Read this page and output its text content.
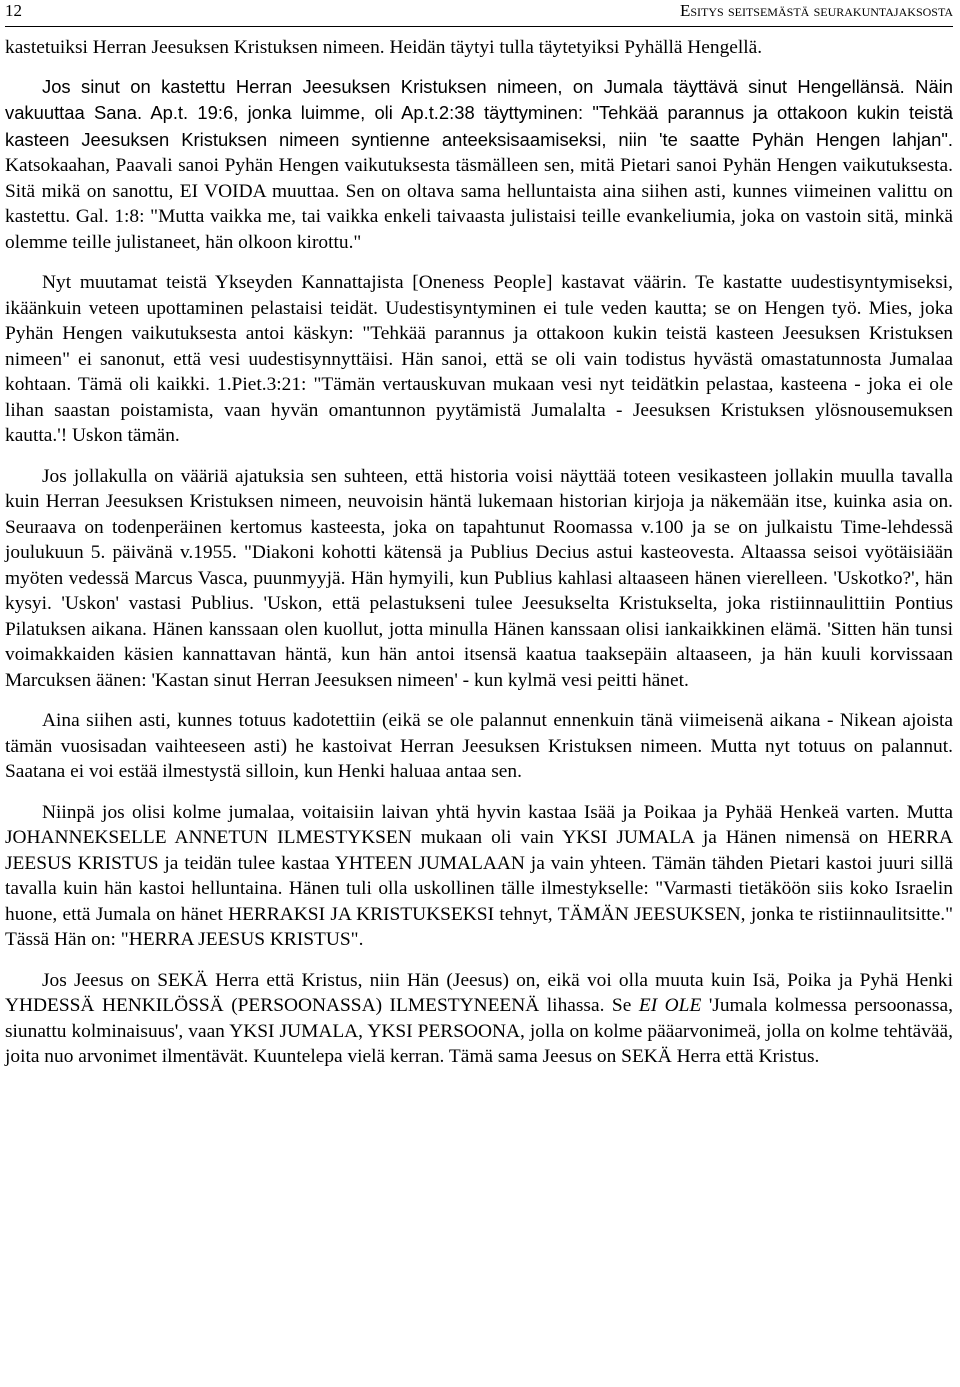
12	Esitys seitsemästä seurakuntajaksosta

kastetuiksi Herran Jeesuksen Kristuksen nimeen. Heidän täytyi tulla täytetyiksi Pyhällä Hengellä.

Jos sinut on kastettu Herran Jeesuksen Kristuksen nimeen, on Jumala täyttävä sinut Hengellänsä. Näin vakuuttaa Sana. Ap.t. 19:6, jonka luimme, oli Ap.t.2:38 täyttyminen: "Tehkää parannus ja ottakoon kukin teistä kasteen Jeesuksen Kristuksen nimeen syntienne anteeksisaamiseksi, niin 'te saatte Pyhän Hengen lahjan". Katsokaahan, Paavali sanoi Pyhän Hengen vaikutuksesta täsmälleen sen, mitä Pietari sanoi Pyhän Hengen vaikutuksesta. Sitä mikä on sanottu, EI VOIDA muuttaa. Sen on oltava sama helluntaista aina siihen asti, kunnes viimeinen valittu on kastettu. Gal. 1:8: "Mutta vaikka me, tai vaikka enkeli taivaasta julistaisi teille evankeliumia, joka on vastoin sitä, minkä olemme teille julistaneet, hän olkoon kirottu."

Nyt muutamat teistä Ykseyden Kannattajista [Oneness People] kastavat väärin. Te kastatte uudestisyntymiseksi, ikäänkuin veteen upottaminen pelastaisi teidät. Uudestisyntyminen ei tule veden kautta; se on Hengen työ. Mies, joka Pyhän Hengen vaikutuksesta antoi käskyn: "Tehkää parannus ja ottakoon kukin teistä kasteen Jeesuksen Kristuksen nimeen" ei sanonut, että vesi uudestisynnyttäisi. Hän sanoi, että se oli vain todistus hyvästä omastatunnosta Jumalaa kohtaan. Tämä oli kaikki. 1.Piet.3:21: "Tämän vertauskuvan mukaan vesi nyt teidätkin pelastaa, kasteena - joka ei ole lihan saastan poistamista, vaan hyvän omantunnon pyytämistä Jumalalta - Jeesuksen Kristuksen ylösnousemuksen kautta.'! Uskon tämän.

Jos jollakulla on vääriä ajatuksia sen suhteen, että historia voisi näyttää toteen vesikasteen jollakin muulla tavalla kuin Herran Jeesuksen Kristuksen nimeen, neuvoisin häntä lukemaan historian kirjoja ja näkemään itse, kuinka asia on. Seuraava on todenperäinen kertomus kasteesta, joka on tapahtunut Roomassa v.100 ja se on julkaistu Time-lehdessä joulukuun 5. päivänä v.1955. "Diakoni kohotti kätensä ja Publius Decius astui kasteovesta. Altaassa seisoi vyötäisiään myöten vedessä Marcus Vasca, puunmyyjä. Hän hymyili, kun Publius kahlasi altaaseen hänen vierelleen. 'Uskotko?', hän kysyi. 'Uskon' vastasi Publius. 'Uskon, että pelastukseni tulee Jeesukselta Kristukselta, joka ristiinnaulittiin Pontius Pilatuksen aikana. Hänen kanssaan olen kuollut, jotta minulla Hänen kanssaan olisi iankaikkinen elämä. 'Sitten hän tunsi voimakkaiden käsien kannattavan häntä, kun hän antoi itsensä kaatua taaksepäin altaaseen, ja hän kuuli korvissaan Marcuksen äänen: 'Kastan sinut Herran Jeesuksen nimeen' - kun kylmä vesi peitti hänet.

Aina siihen asti, kunnes totuus kadotettiin (eikä se ole palannut ennenkuin tänä viimeisenä aikana - Nikean ajoista tämän vuosisadan vaihteeseen asti) he kastoivat Herran Jeesuksen Kristuksen nimeen. Mutta nyt totuus on palannut. Saatana ei voi estää ilmestystä silloin, kun Henki haluaa antaa sen.

Niinpä jos olisi kolme jumalaa, voitaisiin laivan yhtä hyvin kastaa Isää ja Poikaa ja Pyhää Henkeä varten. Mutta JOHANNEKSELLE ANNETUN ILMESTYKSEN mukaan oli vain YKSI JUMALA ja Hänen nimensä on HERRA JEESUS KRISTUS ja teidän tulee kastaa YHTEEN JUMALAAN ja vain yhteen. Tämän tähden Pietari kastoi juuri sillä tavalla kuin hän kastoi helluntaina. Hänen tuli olla uskollinen tälle ilmestykselle: "Varmasti tietäköön siis koko Israelin huone, että Jumala on hänet HERRAKSI JA KRISTUKSEKSI tehnyt, TÄMÄN JEESUKSEN, jonka te ristiinnaulitsitte." Tässä Hän on: "HERRA JEESUS KRISTUS".

Jos Jeesus on SEKÄ Herra että Kristus, niin Hän (Jeesus) on, eikä voi olla muuta kuin Isä, Poika ja Pyhä Henki YHDESSÄ HENKILÖSSÄ (PERSOONASSA) ILMESTYNEENÄ lihassa. Se EI OLE 'Jumala kolmessa persoonassa, siunattu kolminaisuus', vaan YKSI JUMALA, YKSI PERSOONA, jolla on kolme pääarvonimeä, jolla on kolme tehtävää, joita nuo arvonimet ilmentävät. Kuuntelepa vielä kerran. Tämä sama Jeesus on SEKÄ Herra että Kristus.
